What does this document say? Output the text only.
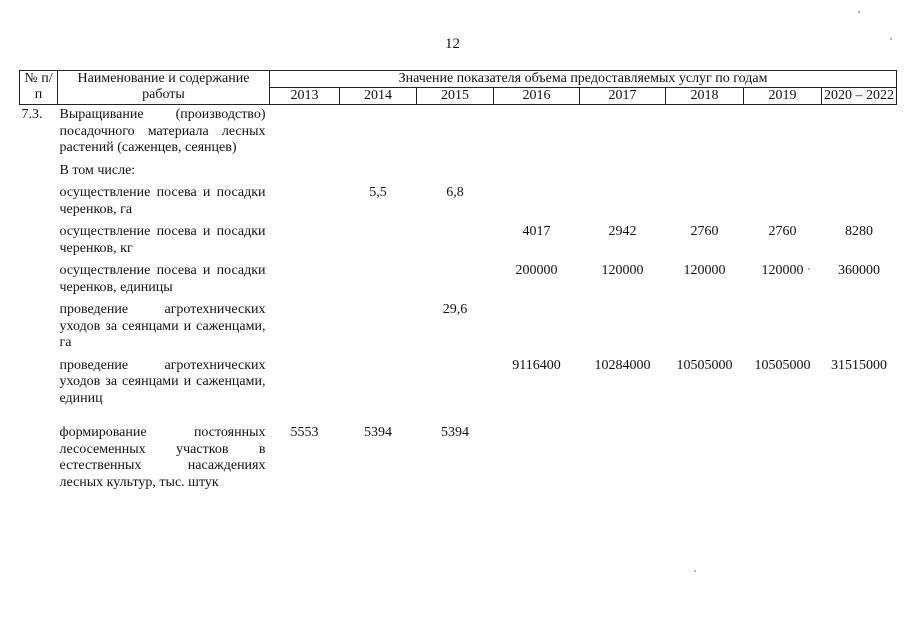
12
№ п/п	Наименование и содержание работы	Значение показателя объема предоставляемых услуг по годам							
		2013	2014	2015	2016	2017	2018	2019	2020 – 2022
7.3.	Выращивание (производство) посадочного материала лесных растений (саженцев, сеянцев)								

	В том числе:								

	осуществление посева и посадки черенков, га		5,5	6,8					

	осуществление посева и посадки черенков, кг				4017	2942	2760	2760	8280

	осуществление посева и посадки черенков, единицы				200000	120000	120000	120000	360000

	проведение агротехнических уходов за сеянцами и саженцами, га			29,6					

	проведение агротехнических уходов за сеянцами и саженцами, единиц				9116400	10284000	10505000	10505000	31515000

	формирование постоянных лесосеменных участков в естественных насаждениях лесных культур, тыс. штук	5553	5394	5394					
